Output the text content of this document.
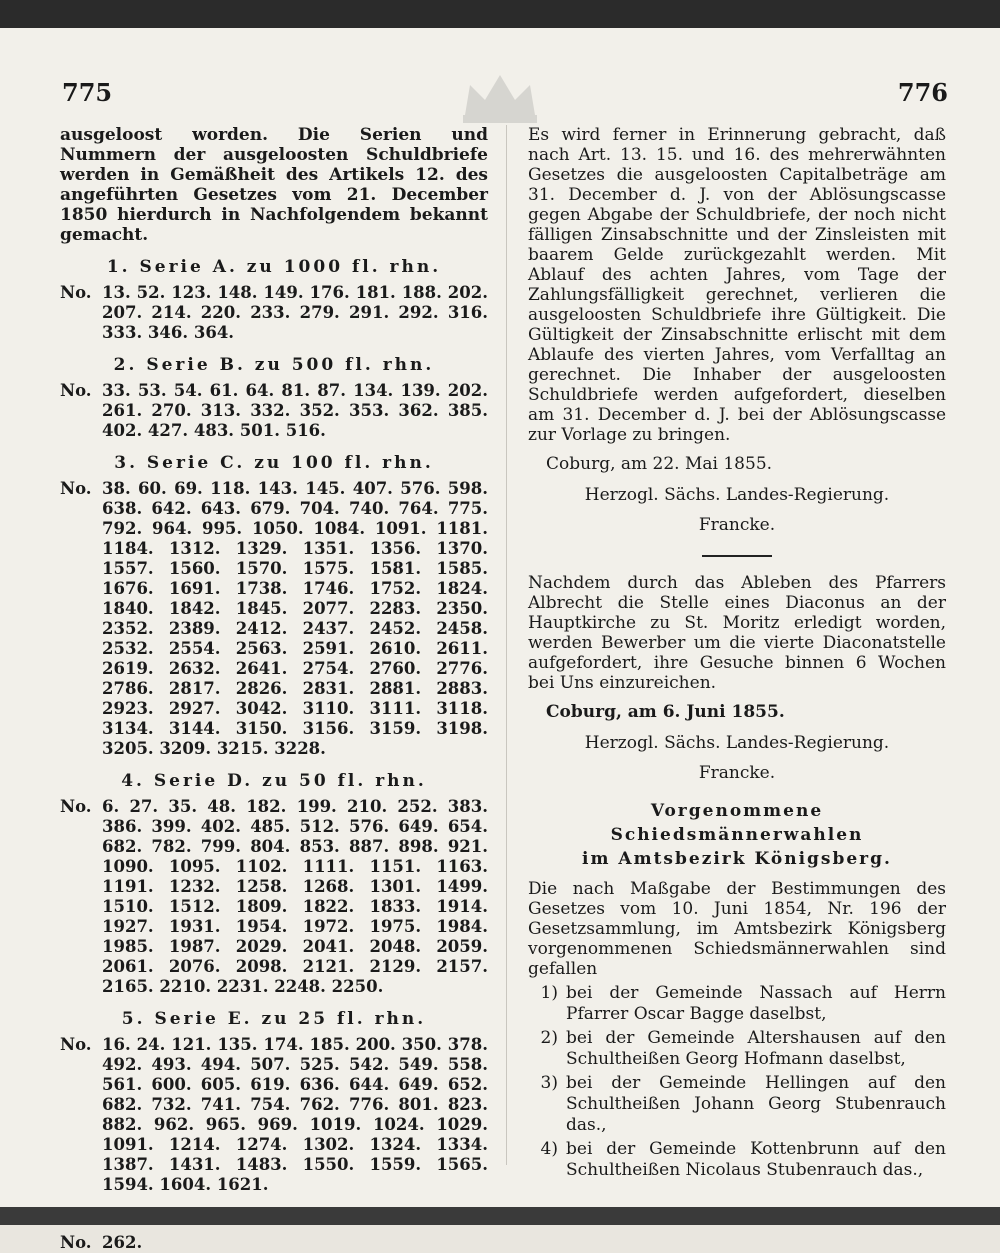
775	776

ausgeloost worden. Die Serien und Nummern der ausgeloosten Schuldbriefe werden in Gemäßheit des Artikels 12. des angeführten Gesetzes vom 21. December 1850 hierdurch in Nachfolgendem bekannt gemacht.

1. Serie A. zu 1000 fl. rhn.
No. 13. 52. 123. 148. 149. 176. 181. 188. 202. 207. 214. 220. 233. 279. 291. 292. 316. 333. 346. 364.
2. Serie B. zu 500 fl. rhn.
No. 33. 53. 54. 61. 64. 81. 87. 134. 139. 202. 261. 270. 313. 332. 352. 353. 362. 385. 402. 427. 483. 501. 516.
3. Serie C. zu 100 fl. rhn.
No. 38. 60. 69. 118. 143. 145. 407. 576. 598. 638. 642. 643. 679. 704. 740. 764. 775. 792. 964. 995. 1050. 1084. 1091. 1181. 1184. 1312. 1329. 1351. 1356. 1370. 1557. 1560. 1570. 1575. 1581. 1585. 1676. 1691. 1738. 1746. 1752. 1824. 1840. 1842. 1845. 2077. 2283. 2350. 2352. 2389. 2412. 2437. 2452. 2458. 2532. 2554. 2563. 2591. 2610. 2611. 2619. 2632. 2641. 2754. 2760. 2776. 2786. 2817. 2826. 2831. 2881. 2883. 2923. 2927. 3042. 3110. 3111. 3118. 3134. 3144. 3150. 3156. 3159. 3198. 3205. 3209. 3215. 3228.
4. Serie D. zu 50 fl. rhn.
No. 6. 27. 35. 48. 182. 199. 210. 252. 383. 386. 399. 402. 485. 512. 576. 649. 654. 682. 782. 799. 804. 853. 887. 898. 921. 1090. 1095. 1102. 1111. 1151. 1163. 1191. 1232. 1258. 1268. 1301. 1499. 1510. 1512. 1809. 1822. 1833. 1914. 1927. 1931. 1954. 1972. 1975. 1984. 1985. 1987. 2029. 2041. 2048. 2059. 2061. 2076. 2098. 2121. 2129. 2157. 2165. 2210. 2231. 2248. 2250.
5. Serie E. zu 25 fl. rhn.
No. 16. 24. 121. 135. 174. 185. 200. 350. 378. 492. 493. 494. 507. 525. 542. 549. 558. 561. 600. 605. 619. 636. 644. 649. 652. 682. 732. 741. 754. 762. 776. 801. 823. 882. 962. 965. 969. 1019. 1024. 1029. 1091. 1214. 1274. 1302. 1324. 1334. 1387. 1431. 1483. 1550. 1559. 1565. 1594. 1604. 1621.
No. 262.

Es wird ferner in Erinnerung gebracht, daß nach Art. 13. 15. und 16. des mehrerwähnten Gesetzes die ausgeloosten Capitalbeträge am 31. December d. J. von der Ablösungscasse gegen Abgabe der Schuldbriefe, der noch nicht fälligen Zinsabschnitte und der Zinsleisten mit baarem Gelde zurückgezahlt werden. Mit Ablauf des achten Jahres, vom Tage der Zahlungsfälligkeit gerechnet, verlieren die ausgeloosten Schuldbriefe ihre Gültigkeit. Die Gültigkeit der Zinsabschnitte erlischt mit dem Ablaufe des vierten Jahres, vom Verfalltag an gerechnet. Die Inhaber der ausgeloosten Schuldbriefe werden aufgefordert, dieselben am 31. December d. J. bei der Ablösungscasse zur Vorlage zu bringen.

Coburg, am 22. Mai 1855.
Herzogl. Sächs. Landes-Regierung.
Francke.

Nachdem durch das Ableben des Pfarrers Albrecht die Stelle eines Diaconus an der Hauptkirche zu St. Moritz erledigt worden, werden Bewerber um die vierte Diaconatstelle aufgefordert, ihre Gesuche binnen 6 Wochen bei Uns einzureichen.

Coburg, am 6. Juni 1855.
Herzogl. Sächs. Landes-Regierung.
Francke.
Vorgenommene Schiedsmännerwahlen
im Amtsbezirk Königsberg.

Die nach Maßgabe der Bestimmungen des Gesetzes vom 10. Juni 1854, Nr. 196 der Gesetzsammlung, im Amtsbezirk Königsberg vorgenommenen Schiedsmännerwahlen sind gefallen

1) bei der Gemeinde Nassach auf Herrn Pfarrer Oscar Bagge daselbst,
2) bei der Gemeinde Altershausen auf den Schultheißen Georg Hofmann daselbst,
3) bei der Gemeinde Hellingen auf den Schultheißen Johann Georg Stubenrauch das.,
4) bei der Gemeinde Kottenbrunn auf den Schultheißen Nicolaus Stubenrauch das.,
